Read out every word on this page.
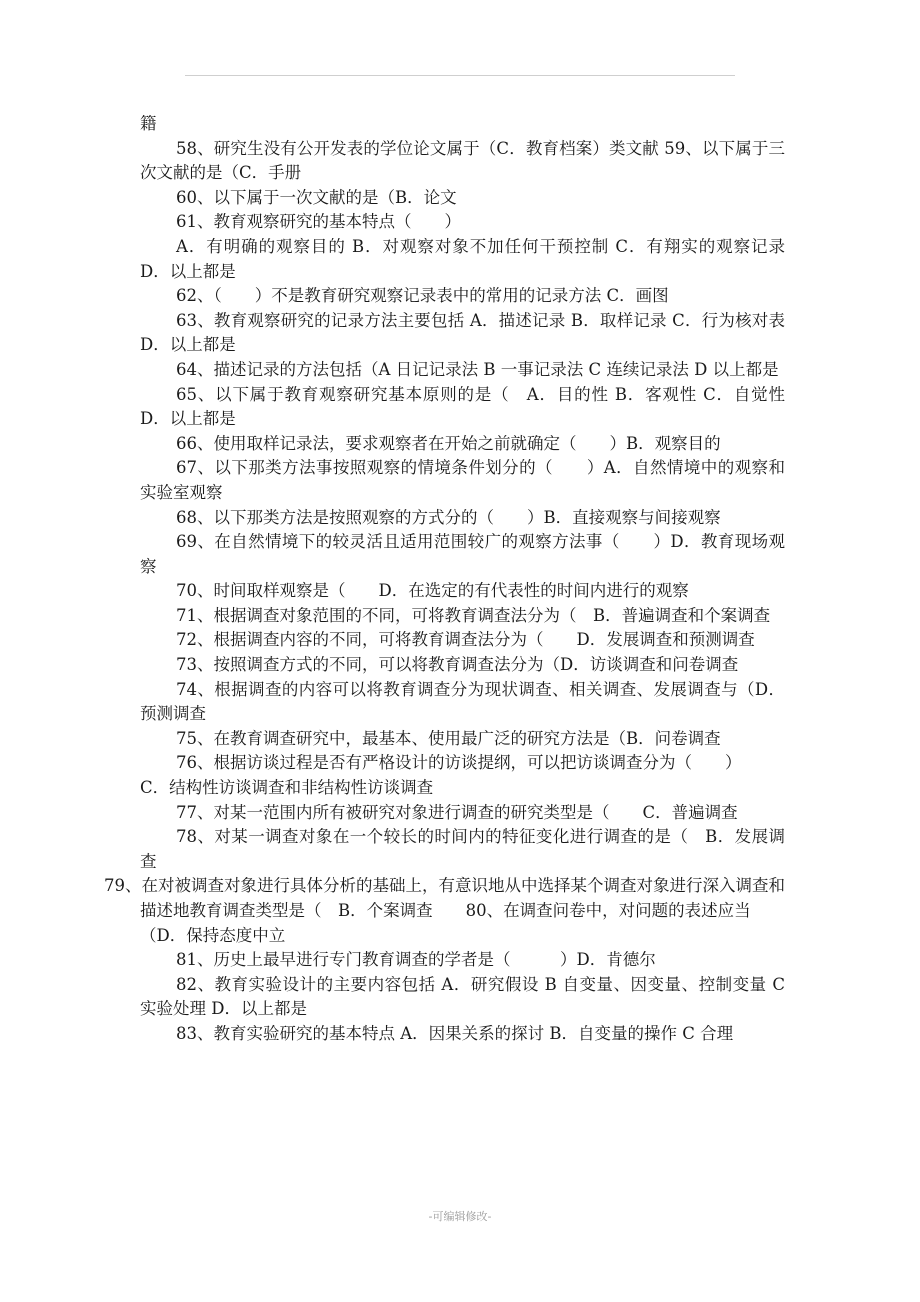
籍

58、研究生没有公开发表的学位论文属于（C．教育档案）类文献 59、以下属于三次文献的是（C．手册

60、以下属于一次文献的是（B．论文

61、教育观察研究的基本特点（　　）

A．有明确的观察目的 B．对观察对象不加任何干预控制 C．有翔实的观察记录 D．以上都是

62、（　　）不是教育研究观察记录表中的常用的记录方法 C．画图

63、教育观察研究的记录方法主要包括 A．描述记录 B．取样记录 C．行为核对表 D．以上都是

64、描述记录的方法包括（A 日记记录法 B 一事记录法 C 连续记录法 D 以上都是

65、以下属于教育观察研究基本原则的是（　A．目的性 B．客观性 C．自觉性 D．以上都是

66、使用取样记录法，要求观察者在开始之前就确定（　　）B．观察目的

67、以下那类方法事按照观察的情境条件划分的（　　）A．自然情境中的观察和实验室观察

68、以下那类方法是按照观察的方式分的（　　）B．直接观察与间接观察

69、在自然情境下的较灵活且适用范围较广的观察方法事（　　）D．教育现场观察

70、时间取样观察是（　　D．在选定的有代表性的时间内进行的观察

71、根据调查对象范围的不同，可将教育调查法分为（　B．普遍调查和个案调查

72、根据调查内容的不同，可将教育调查法分为（　　D．发展调查和预测调查

73、按照调查方式的不同，可以将教育调查法分为（D．访谈调查和问卷调查

74、根据调查的内容可以将教育调查分为现状调查、相关调查、发展调查与（D．预测调查

75、在教育调查研究中，最基本、使用最广泛的研究方法是（B．问卷调查

76、根据访谈过程是否有严格设计的访谈提纲，可以把访谈调查分为（　　）

C．结构性访谈调查和非结构性访谈调查

77、对某一范围内所有被研究对象进行调查的研究类型是（　　C．普遍调查

78、对某一调查对象在一个较长的时间内的特征变化进行调查的是（　B．发展调查

79、在对被调查对象进行具体分析的基础上，有意识地从中选择某个调查对象进行深入调查和描述地教育调查类型是（　B．个案调查　　80、在调查问卷中，对问题的表述应当（D．保持态度中立

81、历史上最早进行专门教育调查的学者是（　　　）D．肯德尔

82、教育实验设计的主要内容包括 A．研究假设 B 自变量、因变量、控制变量 C 实验处理 D．以上都是

83、教育实验研究的基本特点 A．因果关系的探讨 B．自变量的操作 C 合理

-可编辑修改-
